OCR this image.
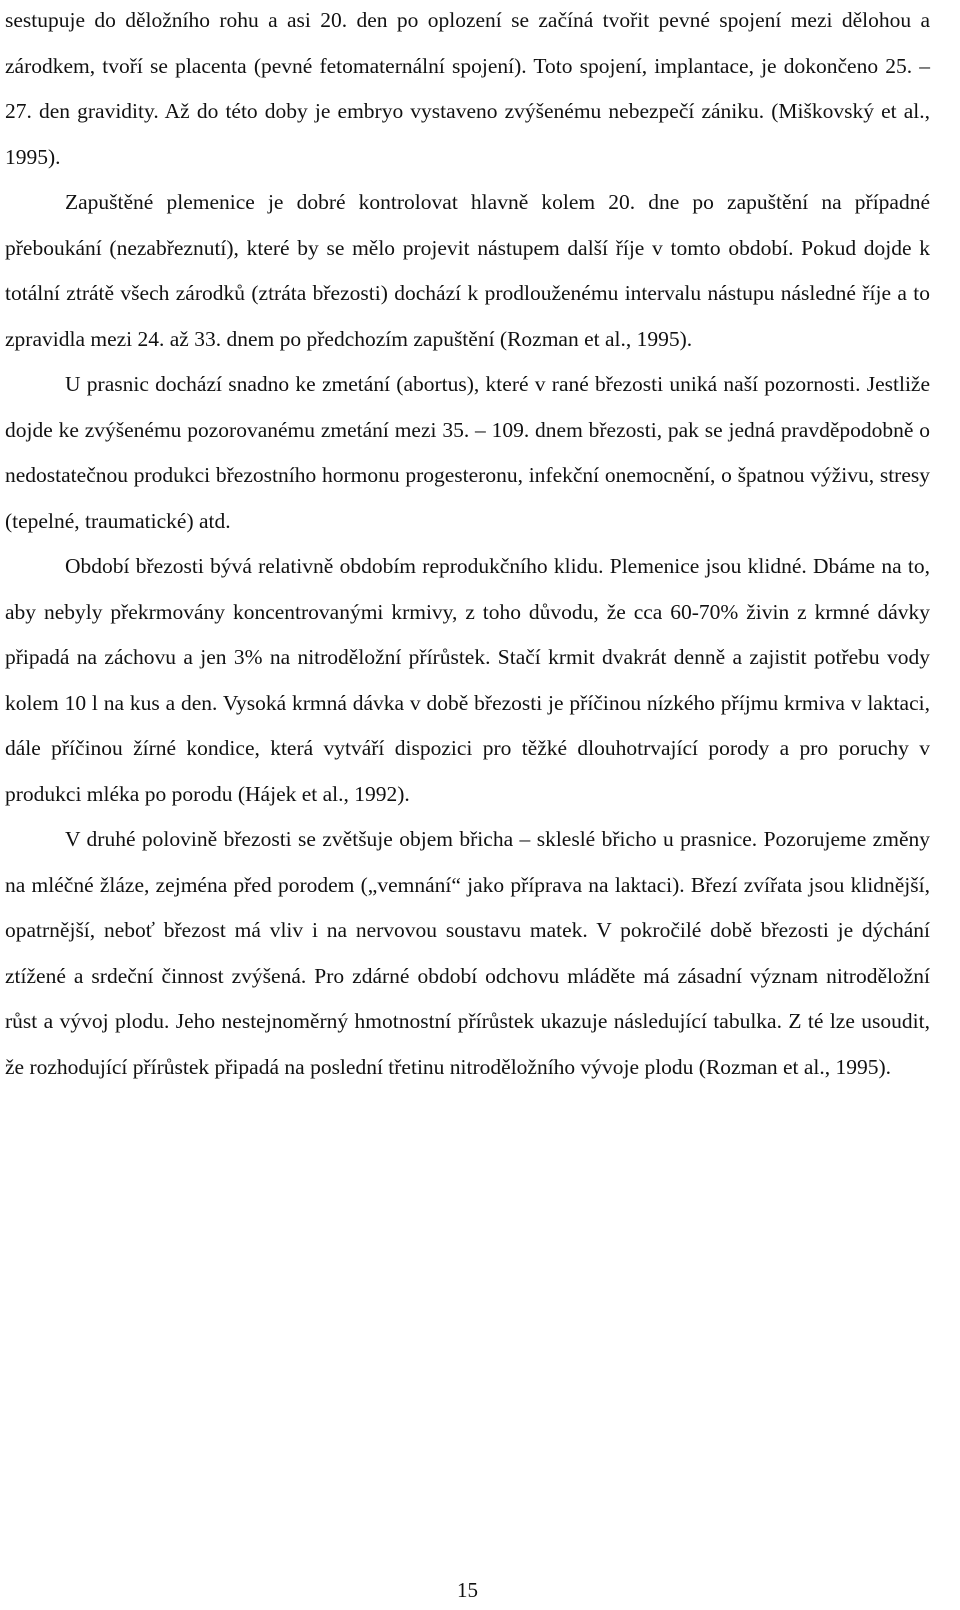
sestupuje do děložního rohu a asi 20. den po oplození se začíná tvořit pevné spojení mezi dělohou a zárodkem, tvoří se placenta (pevné fetomaternální spojení). Toto spojení, implantace, je dokončeno 25. – 27. den gravidity. Až do této doby je embryo vystaveno zvýšenému nebezpečí zániku. (Miškovský et al., 1995).

Zapuštěné plemenice je dobré kontrolovat hlavně kolem 20. dne po zapuštění na případné přeboukání (nezabřeznutí), které by se mělo projevit nástupem další říje v tomto období. Pokud dojde k totální ztrátě všech zárodků (ztráta březosti) dochází k prodlouženému intervalu nástupu následné říje a to zpravidla mezi 24. až 33. dnem po předchozím zapuštění (Rozman et al., 1995).

U prasnic dochází snadno ke zmetání (abortus), které v rané březosti uniká naší pozornosti. Jestliže dojde ke zvýšenému pozorovanému zmetání mezi 35. – 109. dnem březosti, pak se jedná pravděpodobně o nedostatečnou produkci březostního hormonu progesteronu, infekční onemocnění, o špatnou výživu, stresy (tepelné, traumatické) atd.

Období březosti bývá relativně obdobím reprodukčního klidu. Plemenice jsou klidné. Dbáme na to, aby nebyly překrmovány koncentrovanými krmivy, z toho důvodu, že cca 60-70% živin z krmné dávky připadá na záchovu a jen 3% na nitroděložní přírůstek. Stačí krmit dvakrát denně a zajistit potřebu vody kolem 10 l na kus a den. Vysoká krmná dávka v době březosti je příčinou nízkého příjmu krmiva v laktaci, dále příčinou žírné kondice, která vytváří dispozici pro těžké dlouhotrvající porody a pro poruchy v produkci mléka po porodu (Hájek et al., 1992).

V druhé polovině březosti se zvětšuje objem břicha – skleslé břicho u prasnice. Pozorujeme změny na mléčné žláze, zejména před porodem („vemnání“ jako příprava na laktaci). Březí zvířata jsou klidnější, opatrnější, neboť březost má vliv i na nervovou soustavu matek. V pokročilé době březosti je dýchání ztížené a srdeční činnost zvýšená. Pro zdárné období odchovu mláděte má zásadní význam nitroděložní růst a vývoj plodu. Jeho nestejnoměrný hmotnostní přírůstek ukazuje následující tabulka. Z té lze usoudit, že rozhodující přírůstek připadá na poslední třetinu nitroděložního vývoje plodu (Rozman et al., 1995).

15
